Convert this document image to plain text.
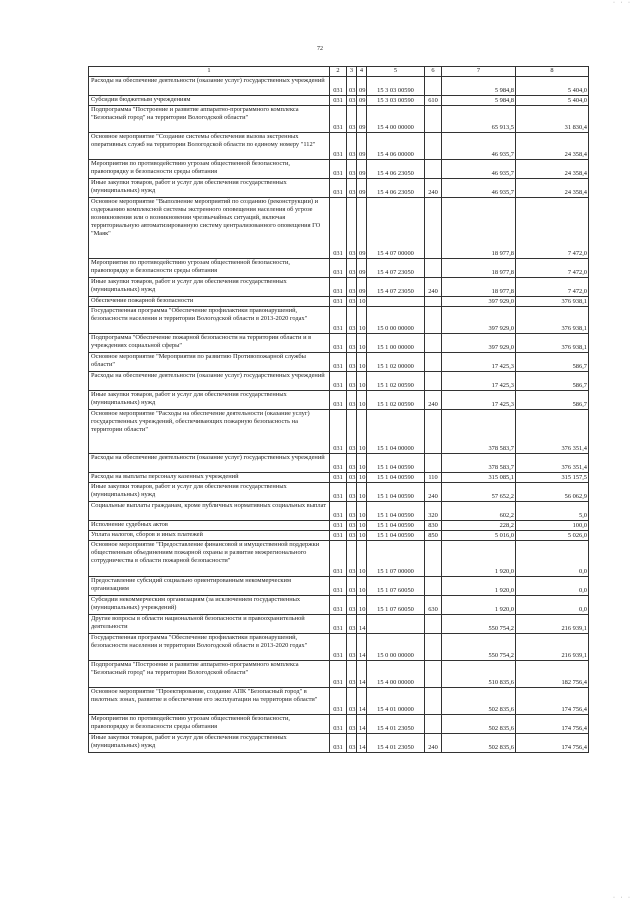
· · ·
72
1	2	3	4	5	6	7	8
Расходы на обеспечение деятельности (оказание услуг) государственных учреждений	031	03	09	15 3 03 00590		5 984,8	5 404,0
Субсидии бюджетным учреждениям	031	03	09	15 3 03 00590	610	5 984,8	5 404,0
Подпрограмма "Построение и развитие аппаратно-программного комплекса "Безопасный город" на территории Вологодской области"	031	03	09	15 4 00 00000		65 913,5	31 830,4
Основное мероприятие "Создание системы обеспечения вызова экстренных оперативных служб на территории Вологодской области по единому номеру "112"	031	03	09	15 4 06 00000		46 935,7	24 358,4
Мероприятия по противодействию угрозам общественной безопасности, правопорядку и безопасности среды обитания	031	03	09	15 4 06 23050		46 935,7	24 358,4
Иные закупки товаров, работ и услуг для обеспечения государственных (муниципальных) нужд	031	03	09	15 4 06 23050	240	46 935,7	24 358,4
Основное мероприятие "Выполнение мероприятий по созданию (реконструкции) и содержанию комплексной системы экстренного оповещения населения об угрозе возникновения или о возникновении чрезвычайных ситуаций, включая территориальную автоматизированную систему централизованного оповещения ГО "Маяк"	031	03	09	15 4 07 00000		18 977,8	7 472,0
Мероприятия по противодействию угрозам общественной безопасности, правопорядку и безопасности среды обитания	031	03	09	15 4 07 23050		18 977,8	7 472,0
Иные закупки товаров, работ и услуг для обеспечения государственных (муниципальных) нужд	031	03	09	15 4 07 23050	240	18 977,8	7 472,0
Обеспечение пожарной безопасности	031	03	10			397 929,0	376 938,1
Государственная программа "Обеспечение профилактики правонарушений, безопасности населения и территории Вологодской области в 2013-2020 годах"	031	03	10	15 0 00 00000		397 929,0	376 938,1
Подпрограмма "Обеспечение пожарной безопасности на территории области и в учреждениях социальной сферы"	031	03	10	15 1 00 00000		397 929,0	376 938,1
Основное мероприятие "Мероприятия по развитию Противопожарной службы области"	031	03	10	15 1 02 00000		17 425,3	586,7
Расходы на обеспечение деятельности (оказание услуг) государственных учреждений	031	03	10	15 1 02 00590		17 425,3	586,7
Иные закупки товаров, работ и услуг для обеспечения государственных (муниципальных) нужд	031	03	10	15 1 02 00590	240	17 425,3	586,7
Основное мероприятие "Расходы на обеспечение деятельности (оказание услуг) государственных учреждений, обеспечивающих пожарную безопасность на территории области"	031	03	10	15 1 04 00000		378 583,7	376 351,4
Расходы на обеспечение деятельности (оказание услуг) государственных учреждений	031	03	10	15 1 04 00590		378 583,7	376 351,4
Расходы на выплаты персоналу казенных учреждений	031	03	10	15 1 04 00590	110	315 085,1	315 157,5
Иные закупки товаров, работ и услуг для обеспечения государственных (муниципальных) нужд	031	03	10	15 1 04 00590	240	57 652,2	56 062,9
Социальные выплаты гражданам, кроме публичных нормативных социальных выплат	031	03	10	15 1 04 00590	320	602,2	5,0
Исполнение судебных актов	031	03	10	15 1 04 00590	830	228,2	100,0
Уплата налогов, сборов и иных платежей	031	03	10	15 1 04 00590	850	5 016,0	5 026,0
Основное мероприятие "Предоставление финансовой и имущественной поддержки общественным объединениям пожарной охраны и развитие межрегионального сотрудничества в области пожарной безопасности"	031	03	10	15 1 07 00000		1 920,0	0,0
Предоставление субсидий социально ориентированным некоммерческим организациям	031	03	10	15 1 07 60050		1 920,0	0,0
Субсидии некоммерческим организациям (за исключением государственных (муниципальных) учреждений)	031	03	10	15 1 07 60050	630	1 920,0	0,0
Другие вопросы в области национальной безопасности и правоохранительной деятельности	031	03	14			550 754,2	216 939,1
Государственная программа "Обеспечение профилактики правонарушений, безопасности населения и территории Вологодской области в 2013-2020 годах"	031	03	14	15 0 00 00000		550 754,2	216 939,1
Подпрограмма "Построение и развитие аппаратно-программного комплекса "Безопасный город" на территории Вологодской области"	031	03	14	15 4 00 00000		510 835,6	182 756,4
Основное мероприятие "Проектирование, создание АПК "Безопасный город" в пилотных зонах, развитие и обеспечение его эксплуатации на территории области"	031	03	14	15 4 01 00000		502 835,6	174 756,4
Мероприятия по противодействию угрозам общественной безопасности, правопорядку и безопасности среды обитания	031	03	14	15 4 01 23050		502 835,6	174 756,4
Иные закупки товаров, работ и услуг для обеспечения государственных (муниципальных) нужд	031	03	14	15 4 01 23050	240	502 835,6	174 756,4
· · ·
